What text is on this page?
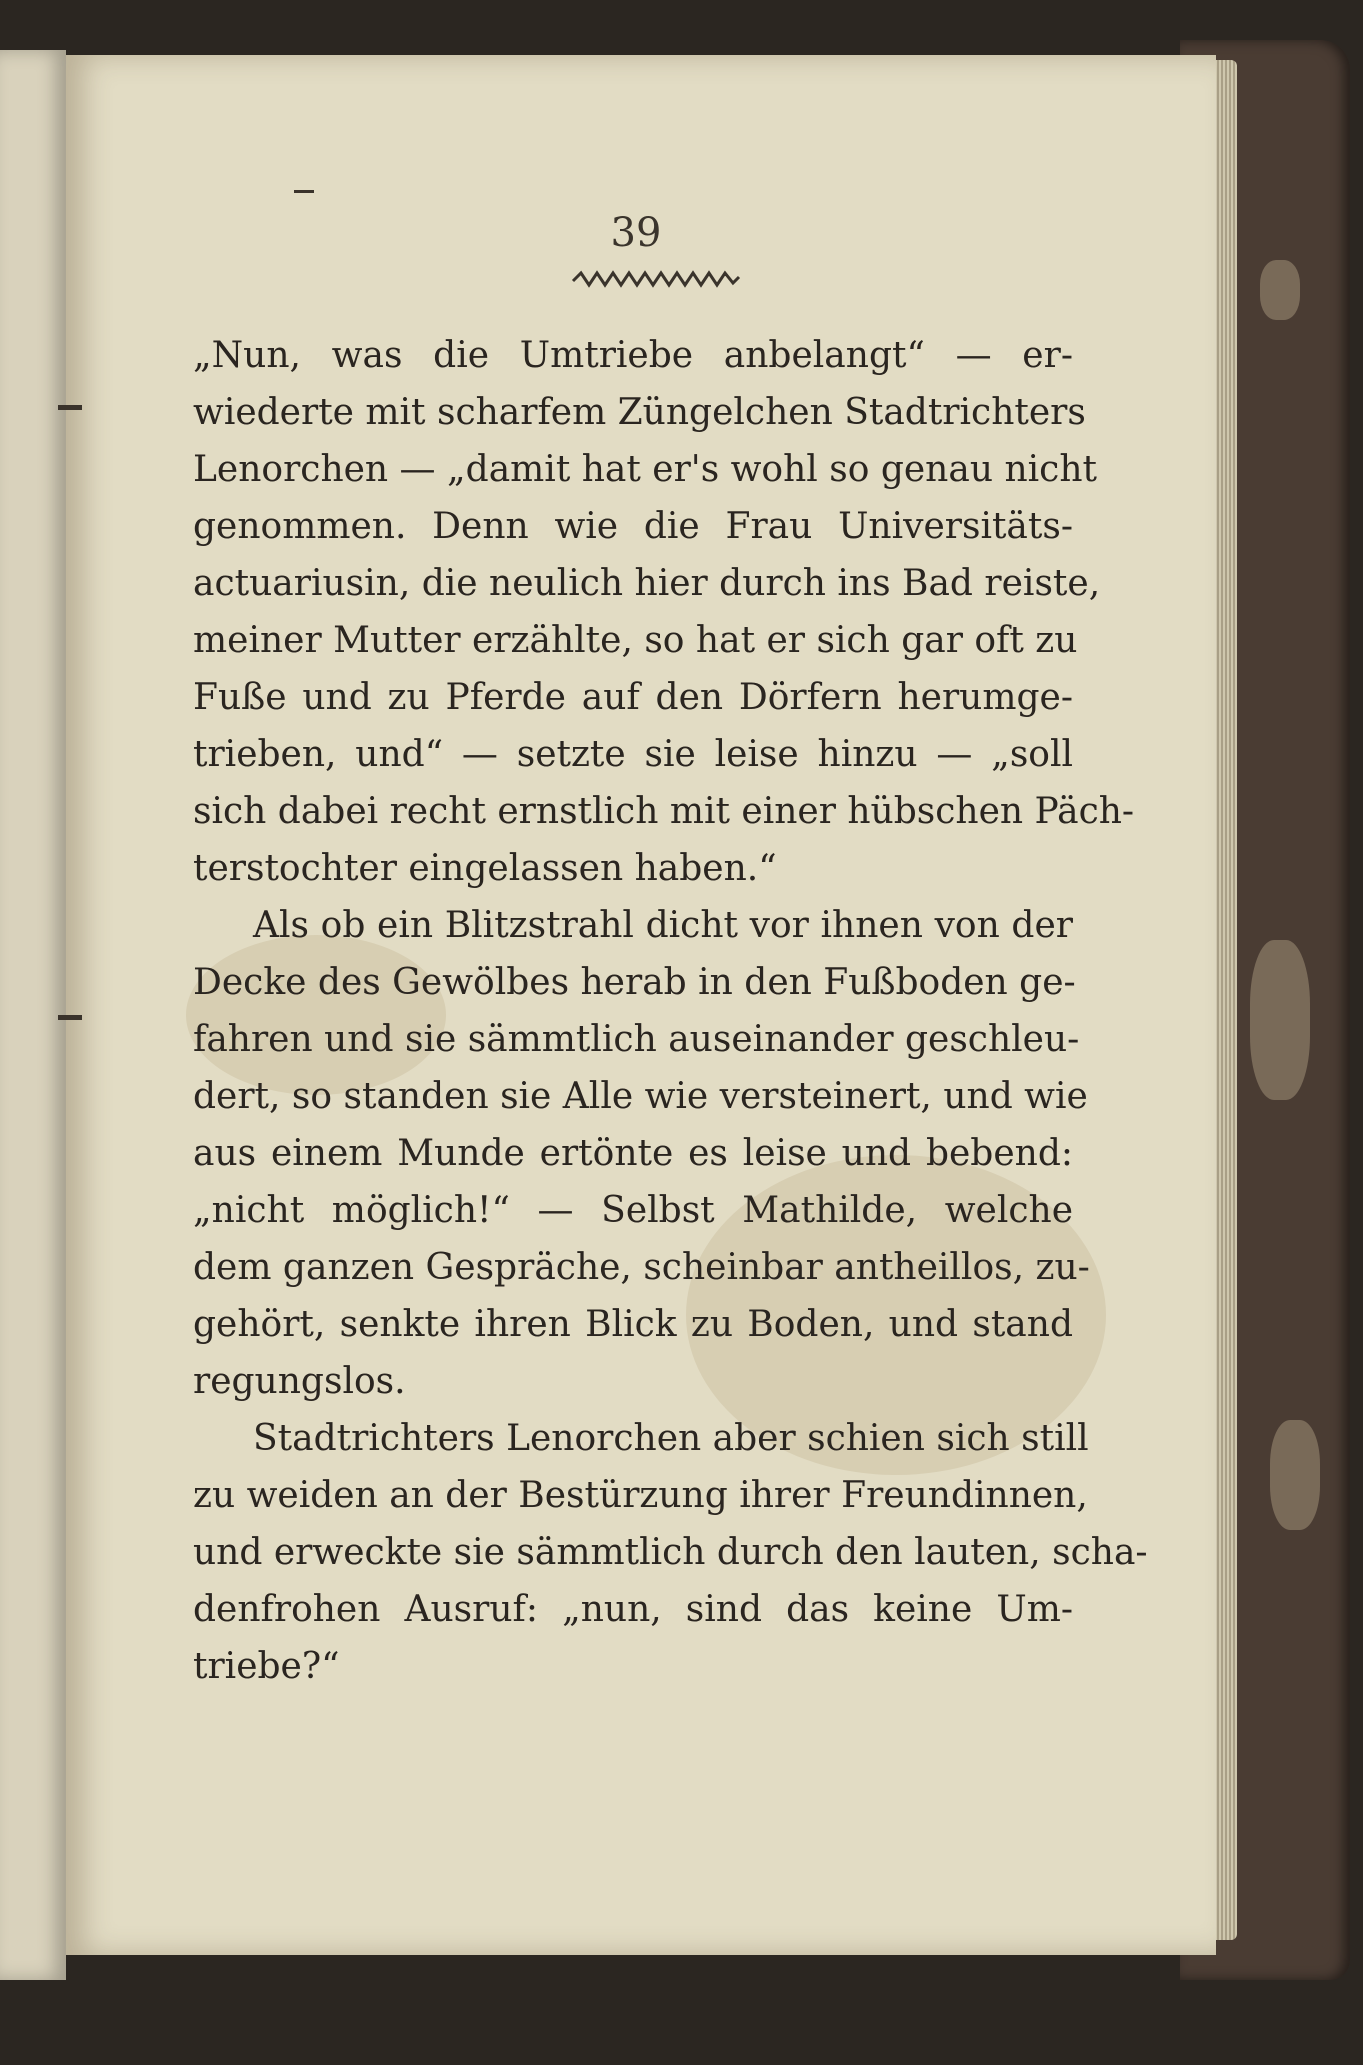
39
„Nun, was die Umtriebe anbelangt“ — er-
wiederte mit scharfem Züngelchen Stadtrichters
Lenorchen — „damit hat er's wohl so genau nicht
genommen. Denn wie die Frau Universitäts-
actuariusin, die neulich hier durch ins Bad reiste,
meiner Mutter erzählte, so hat er sich gar oft zu
Fuße und zu Pferde auf den Dörfern herumge-
trieben, und“ — setzte sie leise hinzu — „soll
sich dabei recht ernstlich mit einer hübschen Päch-
terstochter eingelassen haben.“
Als ob ein Blitzstrahl dicht vor ihnen von der
Decke des Gewölbes herab in den Fußboden ge-
fahren und sie sämmtlich auseinander geschleu-
dert, so standen sie Alle wie versteinert, und wie
aus einem Munde ertönte es leise und bebend:
„nicht möglich!“ — Selbst Mathilde, welche
dem ganzen Gespräche, scheinbar antheillos, zu-
gehört, senkte ihren Blick zu Boden, und stand
regungslos.
Stadtrichters Lenorchen aber schien sich still
zu weiden an der Bestürzung ihrer Freundinnen,
und erweckte sie sämmtlich durch den lauten, scha-
denfrohen Ausruf: „nun, sind das keine Um-
triebe?“
